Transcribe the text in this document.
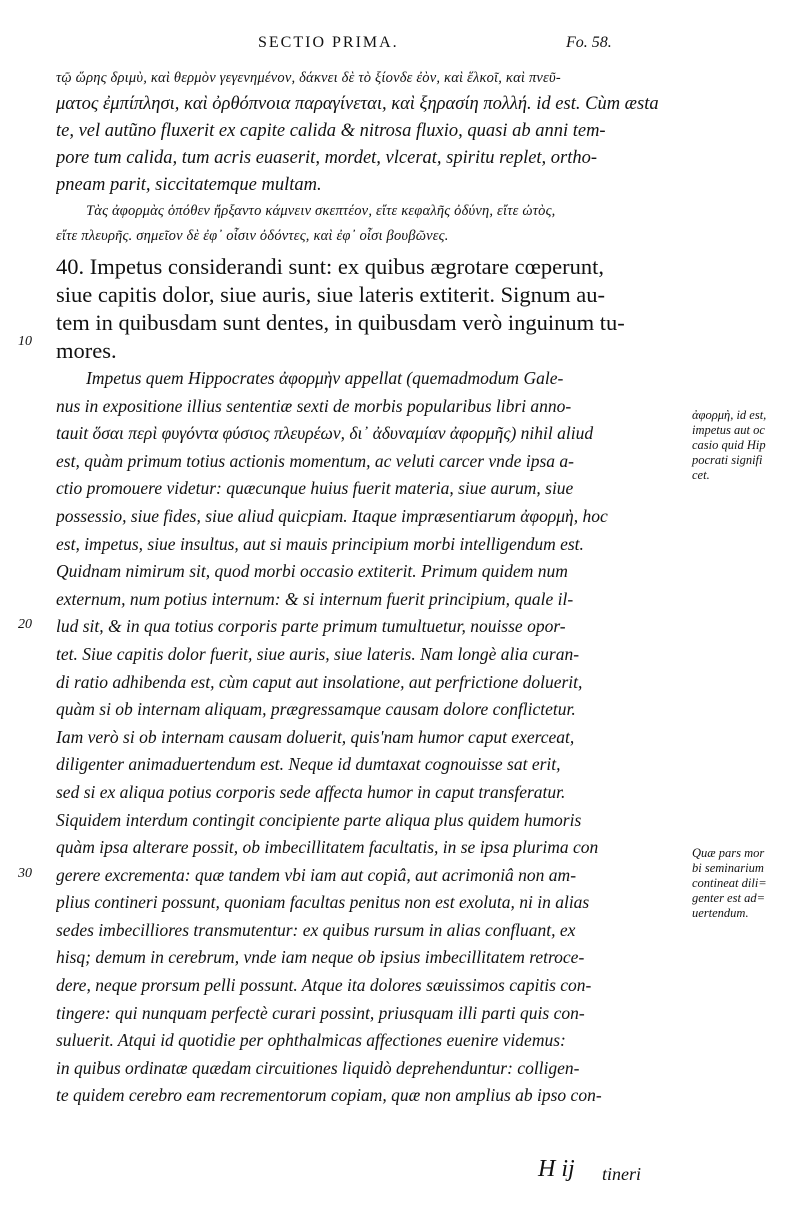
SECTIO PRIMA.	Fo. 58.
τῷ ὥρης δριμὺ, καὶ θερμὸν γεγενημένον, δάκνει δὲ τὸ ξίονδε ἐὸν, καὶ ἕλκοῖ, καὶ πνεῦ-
ματος ἐμπίπλησι, καὶ ὀρθόπνοια παραγίνεται, καὶ ξηρασίη πολλή. id est. Cùm æsta
te, vel autũno fluxerit ex capite calida & nitrosa fluxio, quasi ab anni tem-
pore tum calida, tum acris euaserit, mordet, vlcerat, spiritu replet, ortho-
pneam parit, siccitatemque multam.
Τὰς ἀφορμὰς ὁπόθεν ἤρξαντο κάμνειν σκεπτέον, εἴτε κεφαλῆς ὀδύνη, εἴτε ὠτὸς,
εἴτε πλευρῆς. σημεῖον δὲ ἐφ᾽ οἷσιν ὀδόντες, καὶ ἐφ᾽ οἷσι βουβῶνες.
40. Impetus considerandi sunt: ex quibus ægrotare cœperunt,
siue capitis dolor, siue auris, siue lateris extiterit. Signum au-
tem in quibusdam sunt dentes, in quibusdam verò inguinum tu-
mores.
Impetus quem Hippocrates ἀφορμὴν appellat (quemadmodum Gale-
nus in expositione illius sententiæ sexti de morbis popularibus libri anno-
tauit ὅσαι περὶ φυγόντα φύσιος πλευρέων, δι᾽ ἀδυναμίαν ἀφορμῆς) nihil aliud
est, quàm primum totius actionis momentum, ac veluti carcer vnde ipsa a-
ctio promouere videtur: quæcunque huius fuerit materia, siue aurum, siue
possessio, siue fides, siue aliud quicpiam. Itaque impræsentiarum ἀφορμὴ, hoc
est, impetus, siue insultus, aut si mauis principium morbi intelligendum est.
Quidnam nimirum sit, quod morbi occasio extiterit. Primum quidem num
externum, num potius internum: & si internum fuerit principium, quale il-
lud sit, & in qua totius corporis parte primum tumultuetur, nouisse opor-
tet. Siue capitis dolor fuerit, siue auris, siue lateris. Nam longè alia curan-
di ratio adhibenda est, cùm caput aut insolatione, aut perfrictione doluerit,
quàm si ob internam aliquam, prægressamque causam dolore conflictetur.
Iam verò si ob internam causam doluerit, quis'nam humor caput exerceat,
diligenter animaduertendum est. Neque id dumtaxat cognouisse sat erit,
sed si ex aliqua potius corporis sede affecta humor in caput transferatur.
Siquidem interdum contingit concipiente parte aliqua plus quidem humoris
quàm ipsa alterare possit, ob imbecillitatem facultatis, in se ipsa plurima con
gerere excrementa: quæ tandem vbi iam aut copiâ, aut acrimoniâ non am-
plius contineri possunt, quoniam facultas penitus non est exoluta, ni in alias
sedes imbecilliores transmutentur: ex quibus rursum in alias confluant, ex
hisq; demum in cerebrum, vnde iam neque ob ipsius imbecillitatem retroce-
dere, neque prorsum pelli possunt. Atque ita dolores sæuissimos capitis con-
tingere: qui nunquam perfectè curari possint, priusquam illi parti quis con-
suluerit. Atqui id quotidie per ophthalmicas affectiones euenire videmus:
in quibus ordinatæ quædam circuitiones liquidò deprehenduntur: colligen-
te quidem cerebro eam recrementorum copiam, quæ non amplius ab ipso con-
10
20
30
ἀφορμὴ, id est,
impetus aut oc
casio quid Hip
pocrati signifi
cet.
Quæ pars mor
bi seminarium
contineat dili=
genter est ad=
uertendum.
H ij tineri
